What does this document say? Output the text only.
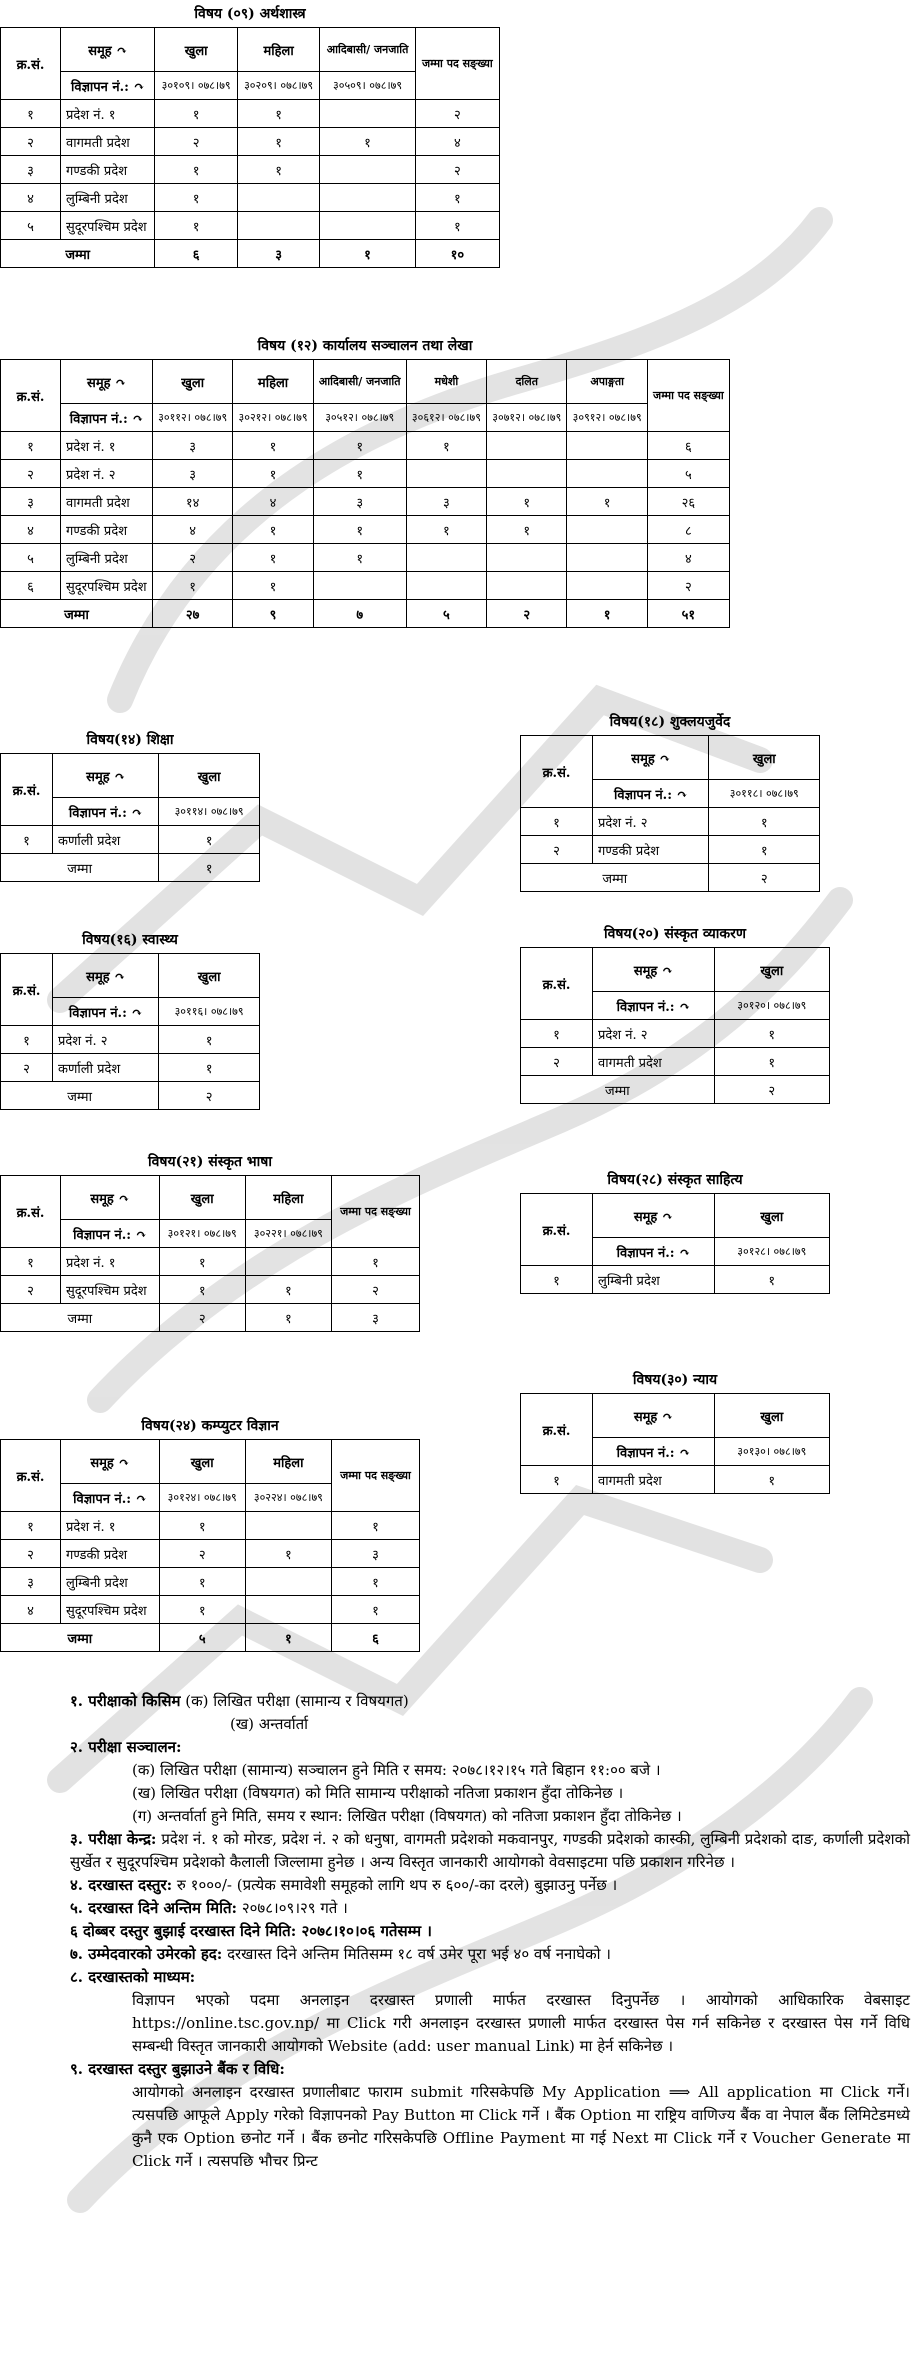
विषय (०९) अर्थशास्त्र
क्र.सं.	समूह ↷	खुला	महिला	आदिबासी/ जनजाति	जम्मा पद सङ्ख्या
	विज्ञापन नं.: ↷	३०१०९। ०७८।७९	३०२०९। ०७८।७९	३०५०९। ०७८।७९	
१	प्रदेश नं. १	१	१		२
२	वागमती प्रदेश	२	१	१	४
३	गण्डकी प्रदेश	१	१		२
४	लुम्बिनी प्रदेश	१			१
५	सुदूरपश्चिम प्रदेश	१			१
जम्मा		६	३	१	१०
विषय (१२) कार्यालय सञ्चालन तथा लेखा
क्र.सं.	समूह ↷	खुला	महिला	आदिबासी/ जनजाति	मधेशी	दलित	अपाङ्गता	जम्मा पद सङ्ख्या
	विज्ञापन नं.: ↷	३०११२। ०७८।७९	३०२१२। ०७८।७९	३०५१२। ०७८।७९	३०६१२। ०७८।७९	३०७१२। ०७८।७९	३०९१२। ०७८।७९	
१	प्रदेश नं. १	३	१	१	१			६
२	प्रदेश नं. २	३	१	१				५
३	वागमती प्रदेश	१४	४	३	३	१	१	२६
४	गण्डकी प्रदेश	४	१	१	१	१		८
५	लुम्बिनी प्रदेश	२	१	१				४
६	सुदूरपश्चिम प्रदेश	१	१					२
जम्मा		२७	९	७	५	२	१	५१
विषय(१४) शिक्षा
क्र.सं.	समूह ↷	खुला
	विज्ञापन नं.: ↷	३०११४। ०७८।७९
१	कर्णाली प्रदेश	१
जम्मा		१
विषय(१६) स्वास्थ्य
क्र.सं.	समूह ↷	खुला
	विज्ञापन नं.: ↷	३०११६। ०७८।७९
१	प्रदेश नं. २	१
२	कर्णाली प्रदेश	१
जम्मा		२
विषय(१८) शुक्लयजुर्वेद
क्र.सं.	समूह ↷	खुला
	विज्ञापन नं.: ↷	३०११८। ०७८।७९
१	प्रदेश नं. २	१
२	गण्डकी प्रदेश	१
जम्मा		२
विषय(२०) संस्कृत व्याकरण
क्र.सं.	समूह ↷	खुला
	विज्ञापन नं.: ↷	३०१२०। ०७८।७९
१	प्रदेश नं. २	१
२	वागमती प्रदेश	१
जम्मा		२
विषय(२१) संस्कृत भाषा
क्र.सं.	समूह ↷	खुला	महिला	जम्मा पद सङ्ख्या
	विज्ञापन नं.: ↷	३०१२१। ०७८।७९	३०२२१। ०७८।७९	
१	प्रदेश नं. १	१		१
२	सुदूरपश्चिम प्रदेश	१	१	२
जम्मा		२	१	३
विषय(२८) संस्कृत साहित्य
क्र.सं.	समूह ↷	खुला
	विज्ञापन नं.: ↷	३०१२८। ०७८।७९
१	लुम्बिनी प्रदेश	१
विषय(२४) कम्प्युटर विज्ञान
क्र.सं.	समूह ↷	खुला	महिला	जम्मा पद सङ्ख्या
	विज्ञापन नं.: ↷	३०१२४। ०७८।७९	३०२२४। ०७८।७९	
१	प्रदेश नं. १	१		१
२	गण्डकी प्रदेश	२	१	३
३	लुम्बिनी प्रदेश	१		१
४	सुदूरपश्चिम प्रदेश	१		१
जम्मा		५	१	६
विषय(३०) न्याय
क्र.सं.	समूह ↷	खुला
	विज्ञापन नं.: ↷	३०१३०। ०७८।७९
१	वागमती प्रदेश	१

१. परीक्षाको किसिम (क) लिखित परीक्षा (सामान्य र विषयगत)

(ख) अन्तर्वार्ता

२. परीक्षा सञ्चालन:

(क) लिखित परीक्षा (सामान्य) सञ्चालन हुने मिति र समय: २०७८।१२।१५ गते बिहान ११:०० बजे ।

(ख) लिखित परीक्षा (विषयगत) को मिति सामान्य परीक्षाको नतिजा प्रकाशन हुँदा तोकिनेछ ।

(ग) अन्तर्वार्ता हुने मिति, समय र स्थान: लिखित परीक्षा (विषयगत) को नतिजा प्रकाशन हुँदा तोकिनेछ ।

३. परीक्षा केन्द्र: प्रदेश नं. १ को मोरङ, प्रदेश नं. २ को धनुषा, वागमती प्रदेशको मकवानपुर, गण्डकी प्रदेशको कास्की, लुम्बिनी प्रदेशको दाङ, कर्णाली प्रदेशको सुर्खेत र सुदूरपश्चिम प्रदेशको कैलाली जिल्लामा हुनेछ । अन्य विस्तृत जानकारी आयोगको वेवसाइटमा पछि प्रकाशन गरिनेछ ।

४. दरखास्त दस्तुर: रु १०००/- (प्रत्येक समावेशी समूहको लागि थप रु ६००/-का दरले) बुझाउनु पर्नेछ ।

५. दरखास्त दिने अन्तिम मिति: २०७८।०९।२९ गते ।

६ दोब्बर दस्तुर बुझाई दरखास्त दिने मिति: २०७८।१०।०६ गतेसम्म ।

७. उम्मेदवारको उमेरको हद: दरखास्त दिने अन्तिम मितिसम्म १८ वर्ष उमेर पूरा भई ४० वर्ष ननाघेको ।

८. दरखास्तको माध्यम:

विज्ञापन भएको पदमा अनलाइन दरखास्त प्रणाली मार्फत दरखास्त दिनुपर्नेछ । आयोगको आधिकारिक वेबसाइट https://online.tsc.gov.np/ मा Click गरी अनलाइन दरखास्त प्रणाली मार्फत दरखास्त पेस गर्न सकिनेछ र दरखास्त पेस गर्ने विधि सम्बन्धी विस्तृत जानकारी आयोगको Website (add: user manual Link) मा हेर्न सकिनेछ ।

९. दरखास्त दस्तुर बुझाउने बैंक र विधि:

आयोगको अनलाइन दरखास्त प्रणालीबाट फाराम submit गरिसकेपछि My Application ⟹ All application मा Click गर्ने। त्यसपछि आफूले Apply गरेको विज्ञापनको Pay Button मा Click गर्ने । बैंक Option मा राष्ट्रिय वाणिज्य बैंक वा नेपाल बैंक लिमिटेडमध्ये कुनै एक Option छनोट गर्ने । बैंक छनोट गरिसकेपछि Offline Payment मा गई Next मा Click गर्ने र Voucher Generate मा Click गर्ने । त्यसपछि भौचर प्रिन्ट
